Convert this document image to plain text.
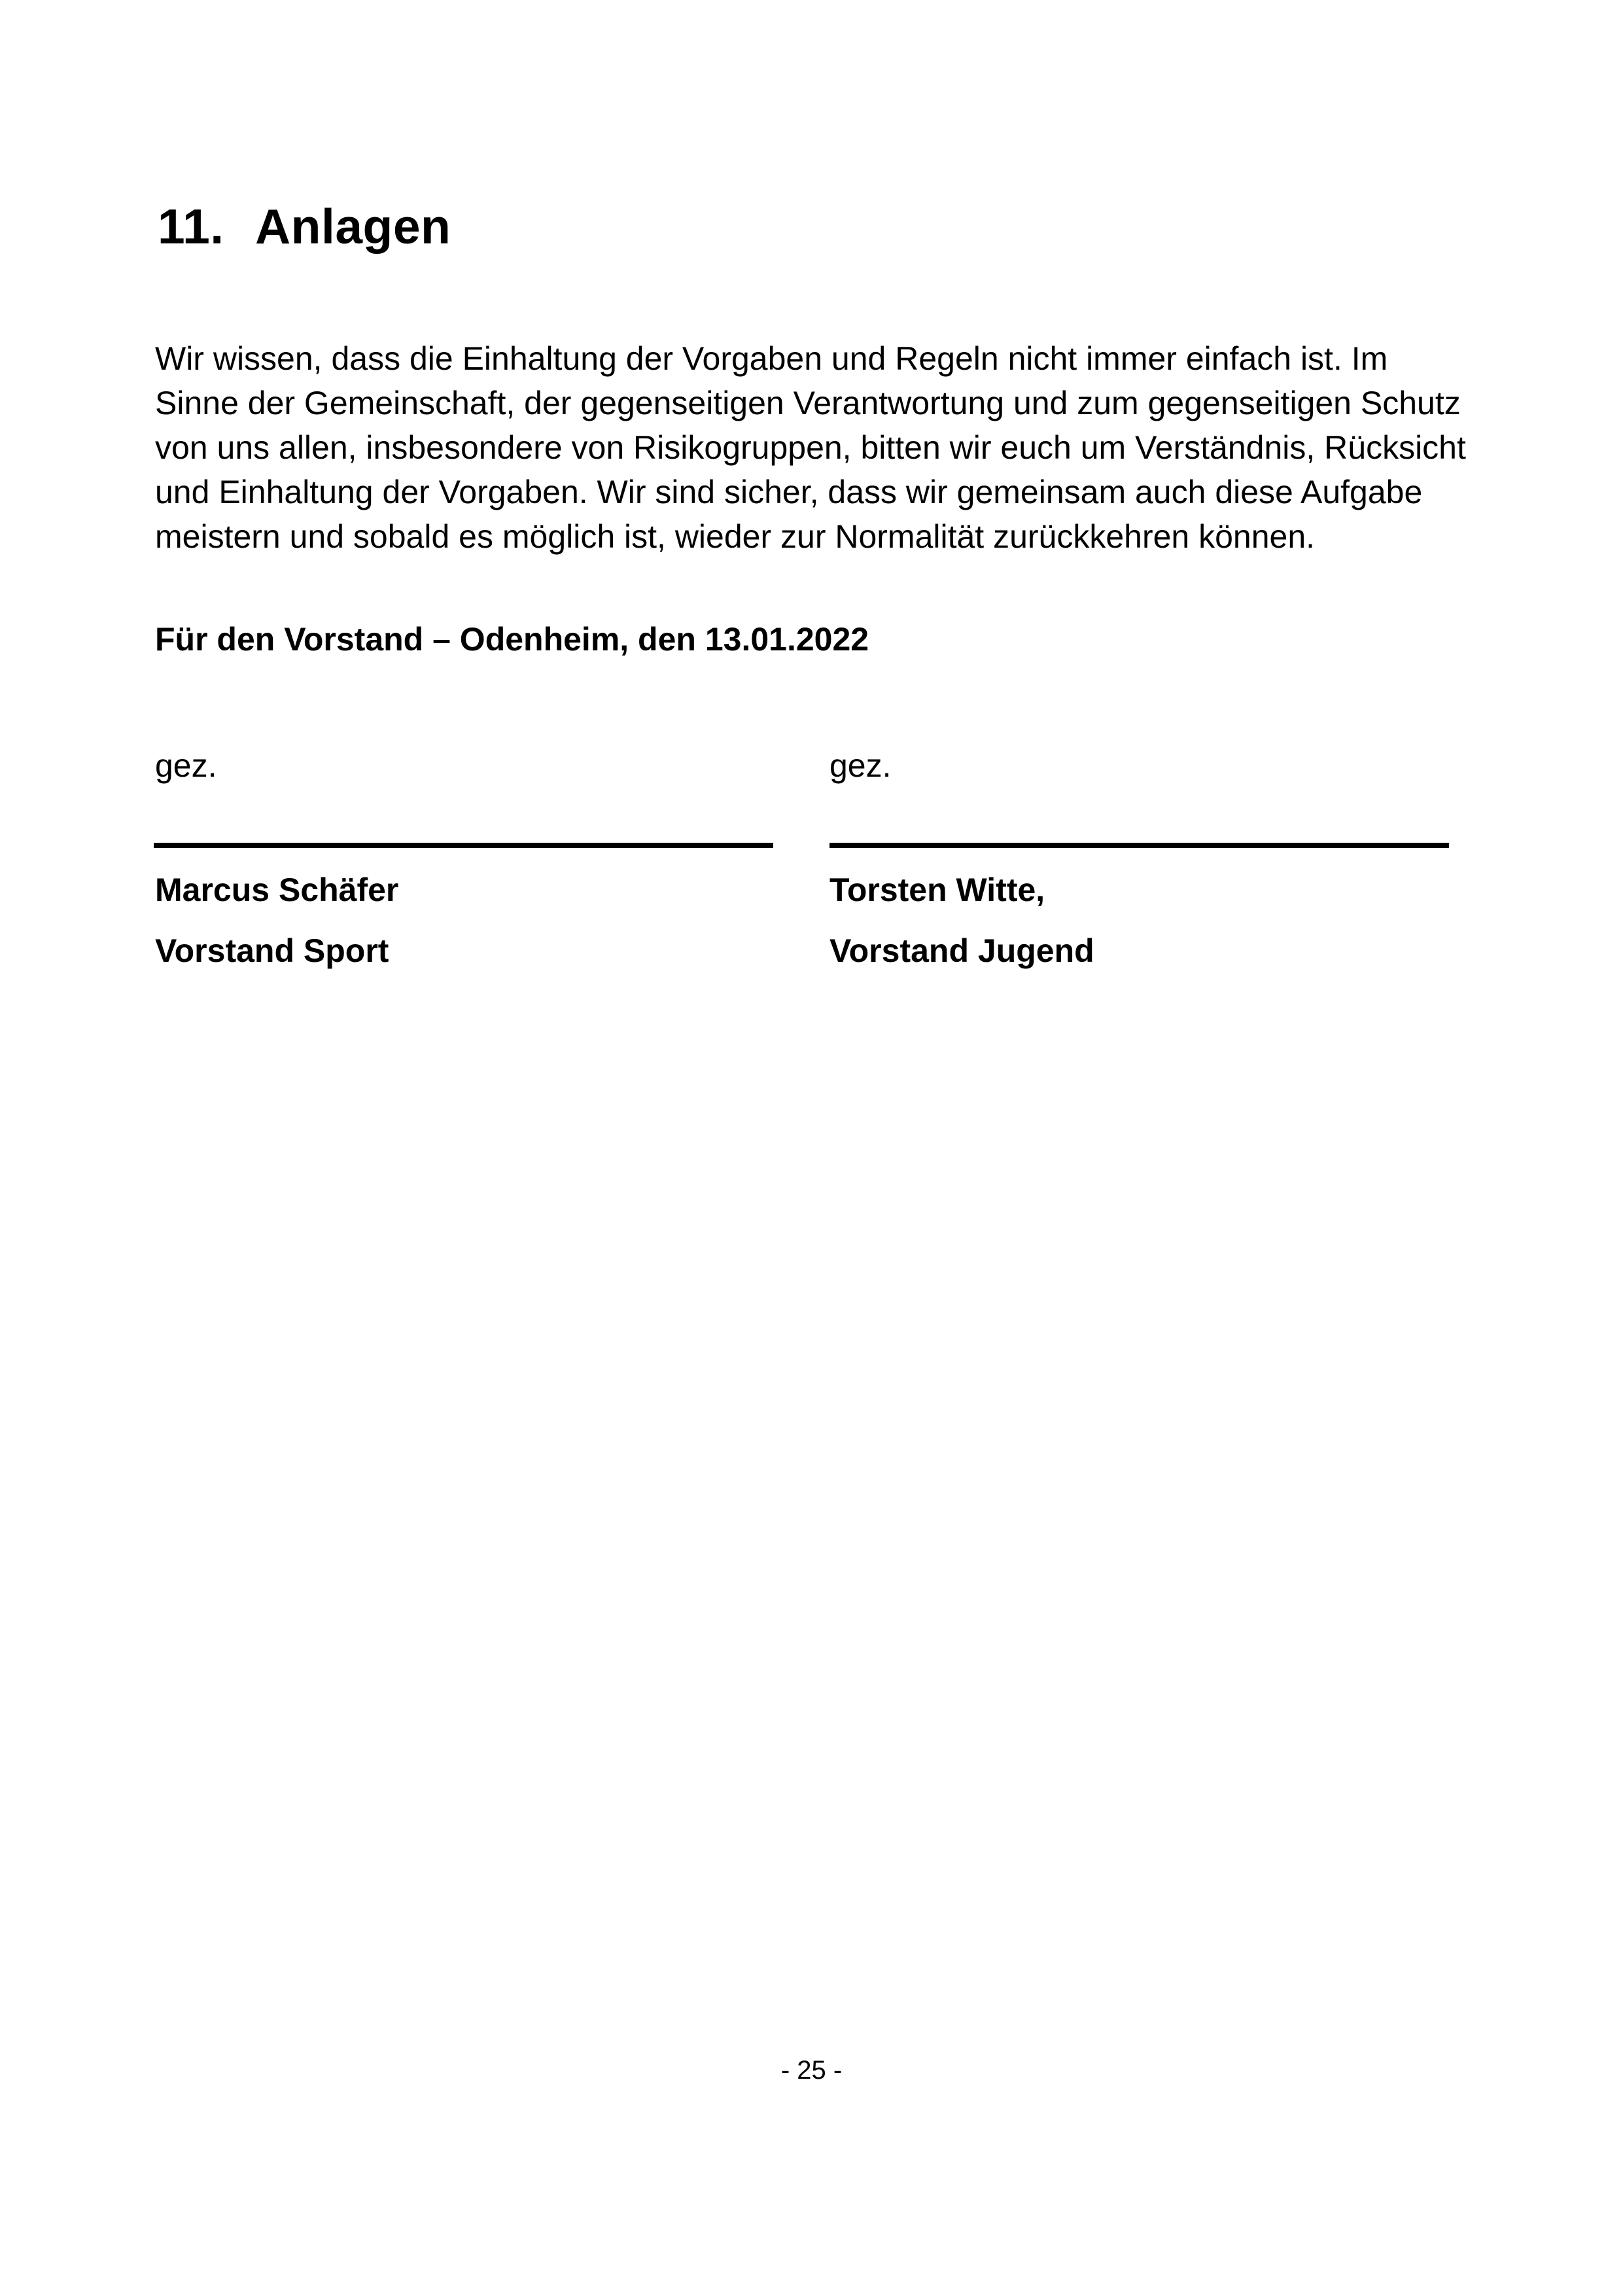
11. Anlagen
Wir wissen, dass die Einhaltung der Vorgaben und Regeln nicht immer einfach ist. Im
Sinne der Gemeinschaft, der gegenseitigen Verantwortung und zum gegenseitigen Schutz
von uns allen, insbesondere von Risikogruppen, bitten wir euch um Verständnis, Rücksicht
und Einhaltung der Vorgaben. Wir sind sicher, dass wir gemeinsam auch diese Aufgabe
meistern und sobald es möglich ist, wieder zur Normalität zurückkehren können.
Für den Vorstand – Odenheim, den 13.01.2022
gez.	gez.
Marcus Schäfer	Torsten Witte,
Vorstand Sport	Vorstand Jugend
- 25 -
